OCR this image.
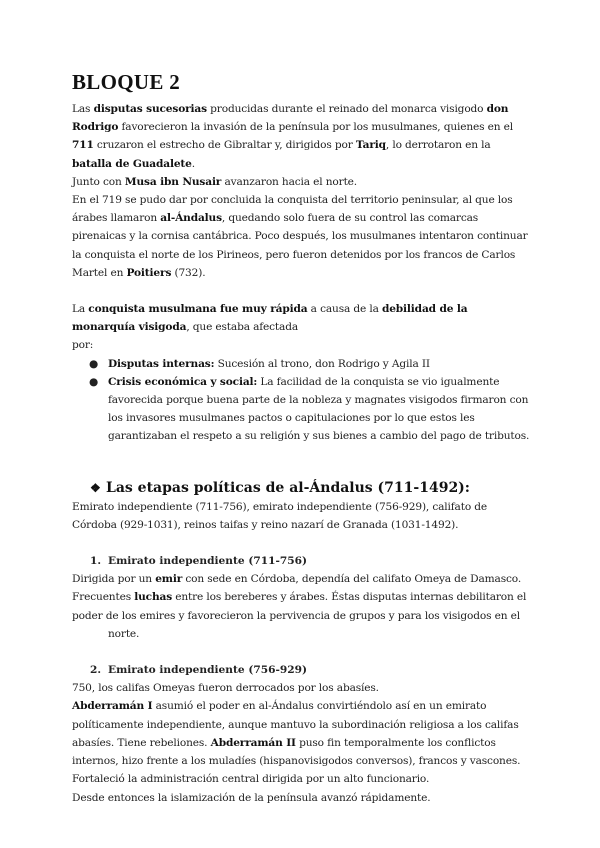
BLOQUE 2

Las disputas sucesorias producidas durante el reinado del monarca visigodo don Rodrigo favorecieron la invasión de la península por los musulmanes, quienes en el 711 cruzaron el estrecho de Gibraltar y, dirigidos por Tariq, lo derrotaron en la batalla de Guadalete.

Junto con Musa ibn Nusair avanzaron hacia el norte.

En el 719 se pudo dar por concluida la conquista del territorio peninsular, al que los árabes llamaron al-Ándalus, quedando solo fuera de su control las comarcas pirenaicas y la cornisa cantábrica. Poco después, los musulmanes intentaron continuar la conquista el norte de los Pirineos, pero fueron detenidos por los francos de Carlos Martel en Poitiers (732).

La conquista musulmana fue muy rápida a causa de la debilidad de la monarquía visigoda, que estaba afectada

por:

● Disputas internas: Sucesión al trono, don Rodrigo y Agila II
● Crisis económica y social: La facilidad de la conquista se vio igualmente favorecida porque buena parte de la nobleza y magnates visigodos firmaron con los invasores musulmanes pactos o capitulaciones por lo que estos les garantizaban el respeto a su religión y sus bienes a cambio del pago de tributos.
❖ Las etapas políticas de al-Ándalus (711-1492):

Emirato independiente (711-756), emirato independiente (756-929), califato de Córdoba (929-1031), reinos taifas y reino nazarí de Granada (1031-1492).

1. Emirato independiente (711-756)

Dirigida por un emir con sede en Córdoba, dependía del califato Omeya de Damasco.

Frecuentes luchas entre los bereberes y árabes. Éstas disputas internas debilitaron el poder de los emires y favorecieron la pervivencia de grupos y para los visigodos en el

norte.

2. Emirato independiente (756-929)

750, los califas Omeyas fueron derrocados por los abasíes.

Abderramán I asumió el poder en al-Ándalus convirtiéndolo así en un emirato políticamente independiente, aunque mantuvo la subordinación religiosa a los califas abasíes. Tiene rebeliones. Abderramán II puso fin temporalmente los conflictos internos, hizo frente a los muladíes (hispanovisigodos conversos), francos y vascones.

Fortaleció la administración central dirigida por un alto funcionario.

Desde entonces la islamización de la península avanzó rápidamente.
